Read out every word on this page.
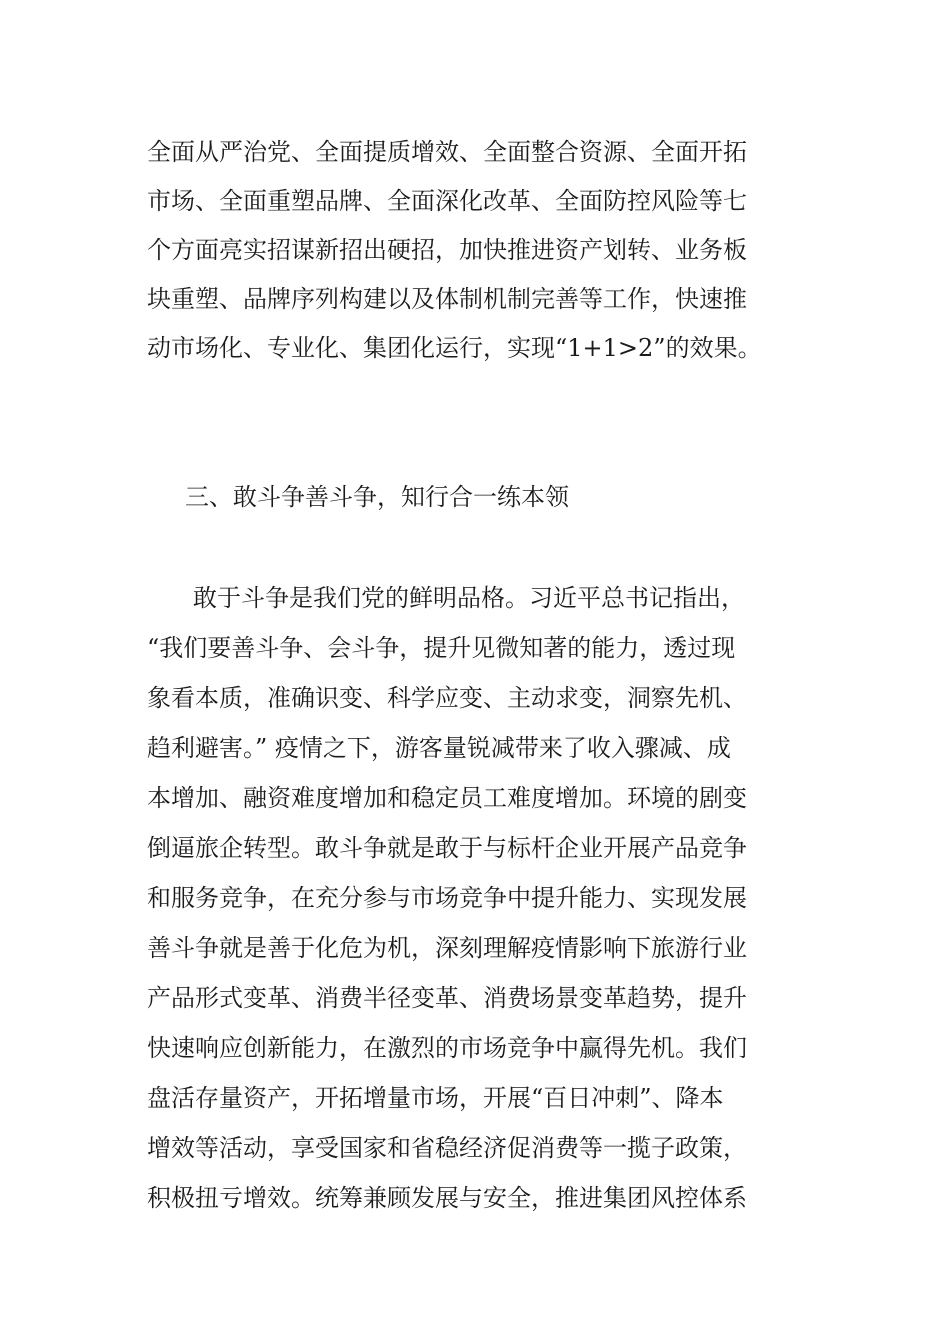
全面从严治党、全面提质增效、全面整合资源、全面开拓
市场、全面重塑品牌、全面深化改革、全面防控风险等七
个方面亮实招谋新招出硬招，加快推进资产划转、业务板
块重塑、品牌序列构建以及体制机制完善等工作，快速推
动市场化、专业化、集团化运行，实现“1+1>2”的效果。
三、敢斗争善斗争，知行合一练本领
敢于斗争是我们党的鲜明品格。习近平总书记指出，
“我们要善斗争、会斗争，提升见微知著的能力，透过现
象看本质，准确识变、科学应变、主动求变，洞察先机、
趋利避害。” 疫情之下，游客量锐减带来了收入骤减、成
本增加、融资难度增加和稳定员工难度增加。环境的剧变
倒逼旅企转型。敢斗争就是敢于与标杆企业开展产品竞争
和服务竞争，在充分参与市场竞争中提升能力、实现发展
善斗争就是善于化危为机，深刻理解疫情影响下旅游行业
产品形式变革、消费半径变革、消费场景变革趋势，提升
快速响应创新能力，在激烈的市场竞争中赢得先机。我们
盘活存量资产，开拓增量市场，开展“百日冲刺”、降本
增效等活动，享受国家和省稳经济促消费等一揽子政策，
积极扭亏增效。统筹兼顾发展与安全，推进集团风控体系
